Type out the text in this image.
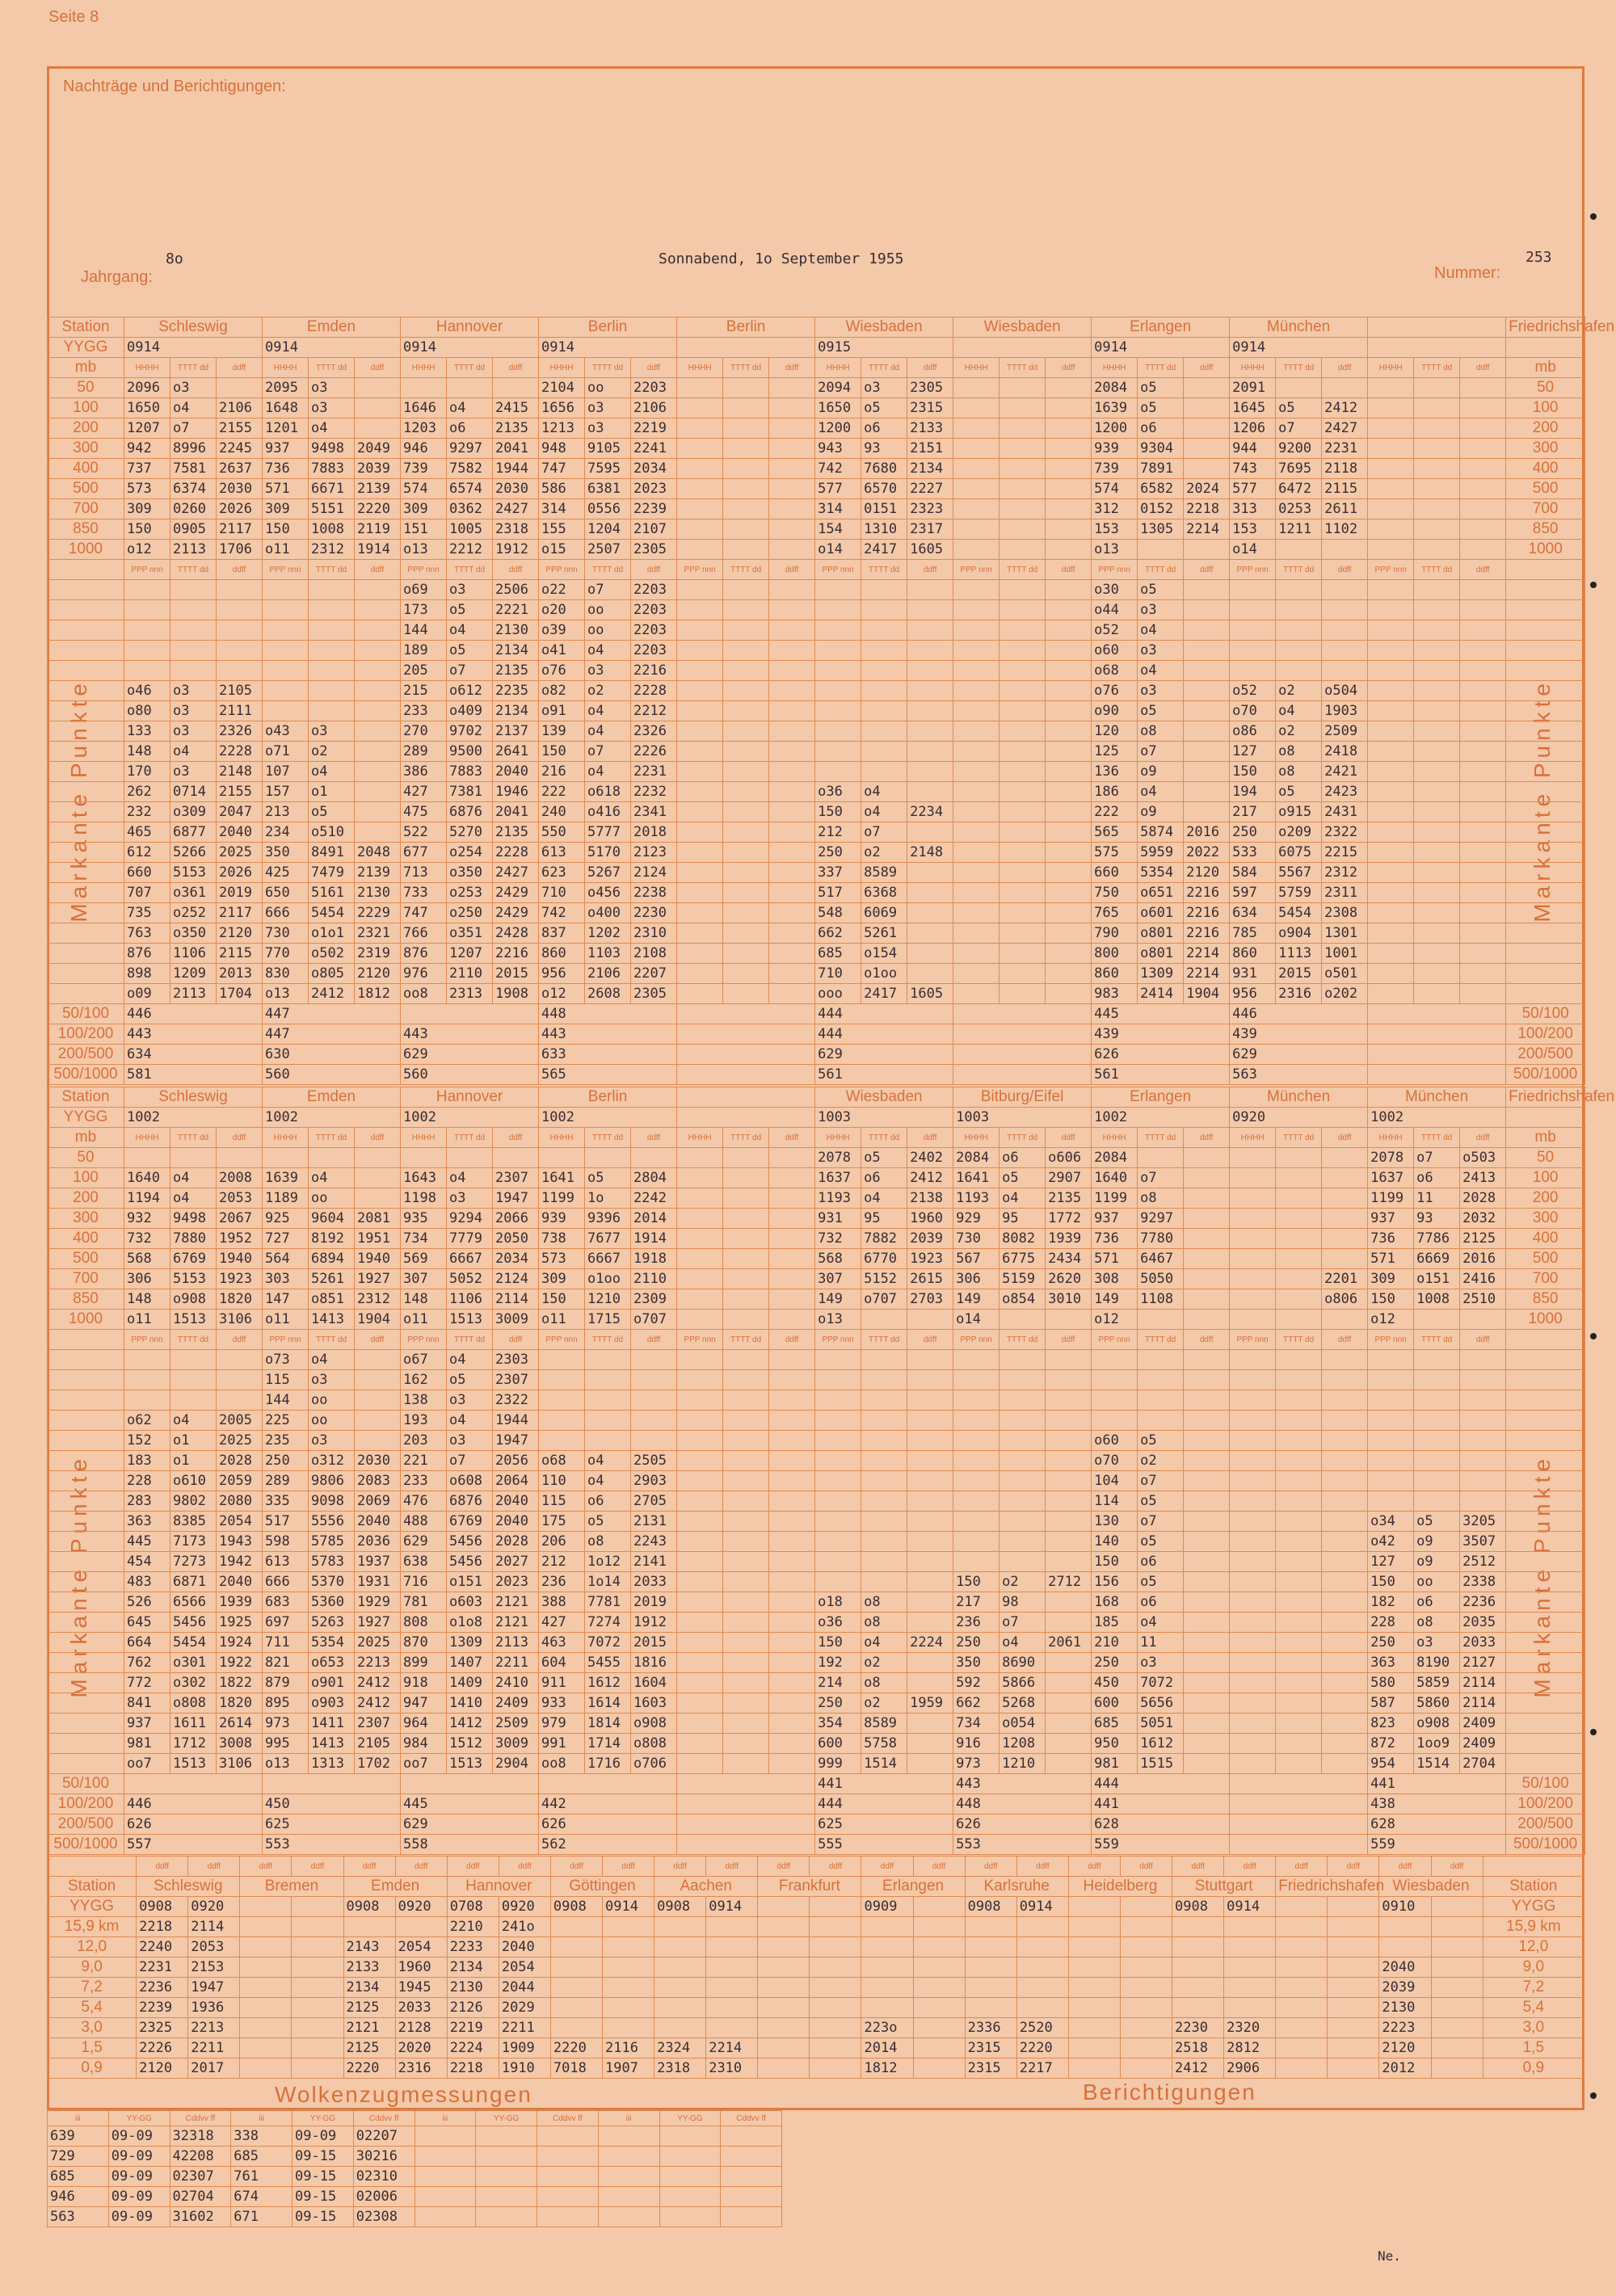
Seite 8
Nachträge und Berichtigungen:
Jahrgang:
8o	Sonnabend, 1o September 1955
Nummer:
253
Markante Punkte	Markante Punkte
Markante Punkte	Markante Punkte
Station	Schleswig			Emden			Hannover			Berlin			Berlin			Wiesbaden			Wiesbaden			Erlangen			München						Friedrichshafen	
YYGG	0914			0914			0914			0914						0915						0914			0914			
mb	HHHH	TTTT dd	ddff	HHHH	TTTT dd	ddff	HHHH	TTTT dd	ddff	HHHH	TTTT dd	ddff	HHHH	TTTT dd	ddff	HHHH	TTTT dd	ddff	HHHH	TTTT dd	ddff	HHHH	TTTT dd	ddff	HHHH	TTTT dd	ddff	HHHH	TTTT dd	ddff	mb	
50	2096	o3		2095	o3					2104	oo	2203				2094	o3	2305				2084	o5		2091						50	
100	1650	o4	2106	1648	o3		1646	o4	2415	1656	o3	2106				1650	o5	2315				1639	o5		1645	o5	2412				100	
200	1207	o7	2155	1201	o4		1203	o6	2135	1213	o3	2219				1200	o6	2133				1200	o6		1206	o7	2427				200	
300	942	8996	2245	937	9498	2049	946	9297	2041	948	9105	2241				943	93	2151				939	9304		944	9200	2231				300	
400	737	7581	2637	736	7883	2039	739	7582	1944	747	7595	2034				742	7680	2134				739	7891		743	7695	2118				400	
500	573	6374	2030	571	6671	2139	574	6574	2030	586	6381	2023				577	6570	2227				574	6582	2024	577	6472	2115				500	
700	309	0260	2026	309	5151	2220	309	0362	2427	314	0556	2239				314	0151	2323				312	0152	2218	313	0253	2611				700	
850	150	0905	2117	150	1008	2119	151	1005	2318	155	1204	2107				154	1310	2317				153	1305	2214	153	1211	1102				850	
1000	o12	2113	1706	o11	2312	1914	o13	2212	1912	o15	2507	2305				o14	2417	1605				o13			o14						1000	
	PPP nnn	TTTT dd	ddff	PPP nnn	TTTT dd	ddff	PPP nnn	TTTT dd	ddff	PPP nnn	TTTT dd	ddff	PPP nnn	TTTT dd	ddff	PPP nnn	TTTT dd	ddff	PPP nnn	TTTT dd	ddff	PPP nnn	TTTT dd	ddff	PPP nnn	TTTT dd	ddff	PPP nnn	TTTT dd	ddff		
							o69	o3	2506	o22	o7	2203										o30	o5									
							173	o5	2221	o20	oo	2203										o44	o3									
							144	o4	2130	o39	oo	2203										o52	o4									
							189	o5	2134	o41	o4	2203										o60	o3									
							205	o7	2135	o76	o3	2216										o68	o4									
	o46	o3	2105				215	o612	2235	o82	o2	2228										o76	o3		o52	o2	o504					
	o80	o3	2111				233	o409	2134	o91	o4	2212										o90	o5		o70	o4	1903					
	133	o3	2326	o43	o3		270	9702	2137	139	o4	2326										120	o8		o86	o2	2509					
	148	o4	2228	o71	o2		289	9500	2641	150	o7	2226										125	o7		127	o8	2418					
	170	o3	2148	107	o4		386	7883	2040	216	o4	2231										136	o9		150	o8	2421					
	262	0714	2155	157	o1		427	7381	1946	222	o618	2232				o36	o4					186	o4		194	o5	2423					
	232	o309	2047	213	o5		475	6876	2041	240	o416	2341				150	o4	2234				222	o9		217	o915	2431					
	465	6877	2040	234	o510		522	5270	2135	550	5777	2018				212	o7					565	5874	2016	250	o209	2322					
	612	5266	2025	350	8491	2048	677	o254	2228	613	5170	2123				250	o2	2148				575	5959	2022	533	6075	2215					
	660	5153	2026	425	7479	2139	713	o350	2427	623	5267	2124				337	8589					660	5354	2120	584	5567	2312					
	707	o361	2019	650	5161	2130	733	o253	2429	710	o456	2238				517	6368					750	o651	2216	597	5759	2311					
	735	o252	2117	666	5454	2229	747	o250	2429	742	o400	2230				548	6069					765	o601	2216	634	5454	2308					
	763	o350	2120	730	o1o1	2321	766	o351	2428	837	1202	2310				662	5261					790	o801	2216	785	o904	1301					
	876	1106	2115	770	o502	2319	876	1207	2216	860	1103	2108				685	o154					800	o801	2214	860	1113	1001					
	898	1209	2013	830	o805	2120	976	2110	2015	956	2106	2207				710	o1oo					860	1309	2214	931	2015	o501					
	o09	2113	1704	o13	2412	1812	oo8	2313	1908	o12	2608	2305				ooo	2417	1605				983	2414	1904	956	2316	o202					
50/100	446			447						448						444						445			446						50/100	
100/200	443			447			443			443						444						439			439						100/200	
200/500	634			630			629			633						629						626			629						200/500	
500/1000	581			560			560			565						561						561			563						500/1000	
Station	Schleswig			Emden			Hannover			Berlin						Wiesbaden			Bitburg/Eifel			Erlangen			München			München			Friedrichshafen	
YYGG	1002			1002			1002			1002						1003			1003			1002			0920			1002		
mb	HHHH	TTTT dd	ddff	HHHH	TTTT dd	ddff	HHHH	TTTT dd	ddff	HHHH	TTTT dd	ddff	HHHH	TTTT dd	ddff	HHHH	TTTT dd	ddff	HHHH	TTTT dd	ddff	HHHH	TTTT dd	ddff	HHHH	TTTT dd	ddff	HHHH	TTTT dd	ddff	mb	
50																2078	o5	2402	2084	o6	o606	2084						2078	o7	o503	50	
100	1640	o4	2008	1639	o4		1643	o4	2307	1641	o5	2804				1637	o6	2412	1641	o5	2907	1640	o7					1637	o6	2413	100	
200	1194	o4	2053	1189	oo		1198	o3	1947	1199	1o	2242				1193	o4	2138	1193	o4	2135	1199	o8					1199	11	2028	200	
300	932	9498	2067	925	9604	2081	935	9294	2066	939	9396	2014				931	95	1960	929	95	1772	937	9297					937	93	2032	300	
400	732	7880	1952	727	8192	1951	734	7779	2050	738	7677	1914				732	7882	2039	730	8082	1939	736	7780					736	7786	2125	400	
500	568	6769	1940	564	6894	1940	569	6667	2034	573	6667	1918				568	6770	1923	567	6775	2434	571	6467					571	6669	2016	500	
700	306	5153	1923	303	5261	1927	307	5052	2124	309	o1oo	2110				307	5152	2615	306	5159	2620	308	5050				2201	309	o151	2416	700	
850	148	o908	1820	147	o851	2312	148	1106	2114	150	1210	2309				149	o707	2703	149	o854	3010	149	1108				o806	150	1008	2510	850	
1000	o11	1513	3106	o11	1413	1904	o11	1513	3009	o11	1715	o707				o13			o14			o12						o12			1000	
	PPP nnn	TTTT dd	ddff	PPP nnn	TTTT dd	ddff	PPP nnn	TTTT dd	ddff	PPP nnn	TTTT dd	ddff	PPP nnn	TTTT dd	ddff	PPP nnn	TTTT dd	ddff	PPP nnn	TTTT dd	ddff	PPP nnn	TTTT dd	ddff	PPP nnn	TTTT dd	ddff	PPP nnn	TTTT dd	ddff		
				o73	o4		o67	o4	2303																							
				115	o3		162	o5	2307																							
				144	oo		138	o3	2322																							
	o62	o4	2005	225	oo		193	o4	1944																							
	152	o1	2025	235	o3		203	o3	1947													o60	o5									
	183	o1	2028	250	o312	2030	221	o7	2056	o68	o4	2505										o70	o2									
	228	o610	2059	289	9806	2083	233	o608	2064	110	o4	2903										104	o7									
	283	9802	2080	335	9098	2069	476	6876	2040	115	o6	2705										114	o5									
	363	8385	2054	517	5556	2040	488	6769	2040	175	o5	2131										130	o7					o34	o5	3205		
	445	7173	1943	598	5785	2036	629	5456	2028	206	o8	2243										140	o5					o42	o9	3507		
	454	7273	1942	613	5783	1937	638	5456	2027	212	1o12	2141										150	o6					127	o9	2512		
	483	6871	2040	666	5370	1931	716	o151	2023	236	1o14	2033							150	o2	2712	156	o5					150	oo	2338		
	526	6566	1939	683	5360	1929	781	o603	2121	388	7781	2019				o18	o8		217	98		168	o6					182	o6	2236		
	645	5456	1925	697	5263	1927	808	o1o8	2121	427	7274	1912				o36	o8		236	o7		185	o4					228	o8	2035		
	664	5454	1924	711	5354	2025	870	1309	2113	463	7072	2015				150	o4	2224	250	o4	2061	210	11					250	o3	2033		
	762	o301	1922	821	o653	2213	899	1407	2211	604	5455	1816				192	o2		350	8690		250	o3					363	8190	2127		
	772	o302	1822	879	o901	2412	918	1409	2410	911	1612	1604				214	o8		592	5866		450	7072					580	5859	2114		
	841	o808	1820	895	o903	2412	947	1410	2409	933	1614	1603				250	o2	1959	662	5268		600	5656					587	5860	2114		
	937	1611	2614	973	1411	2307	964	1412	2509	979	1814	o908				354	8589		734	o054		685	5051					823	o908	2409		
	981	1712	3008	995	1413	2105	984	1512	3009	991	1714	o808				600	5758		916	1208		950	1612					872	1oo9	2409		
	oo7	1513	3106	o13	1313	1702	oo7	1513	2904	oo8	1716	o706				999	1514		973	1210		981	1515					954	1514	2704		
50/100																441			443			444						441			50/100	
100/200	446			450			445			442						444			448			441						438			100/200	
200/500	626			625			629			626						625			626			628						628			200/500	
500/1000	557			553			558			562						555			553			559						559			500/1000	
	ddff	ddff	ddff	ddff	ddff	ddff	ddff	ddff	ddff	ddff	ddff	ddff	ddff	ddff	ddff	ddff	ddff	ddff	ddff	ddff	ddff	ddff	ddff	ddff	ddff	ddff	
Station	Schleswig		Bremen		Emden		Hannover		Göttingen		Aachen		Frankfurt		Erlangen		Karlsruhe		Heidelberg		Stuttgart		Friedrichshafen		Wiesbaden		Station
YYGG	0908	0920			0908	0920	0708	0920	0908	0914	0908	0914			0909		0908	0914			0908	0914			0910		YYGG
15,9 km	2218	2114					2210	241o																			15,9 km
12,0	2240	2053			2143	2054	2233	2040																			12,0
9,0	2231	2153			2133	1960	2134	2054																	2040		9,0
7,2	2236	1947			2134	1945	2130	2044																	2039		7,2
5,4	2239	1936			2125	2033	2126	2029																	2130		5,4
3,0	2325	2213			2121	2128	2219	2211							223o		2336	2520			2230	2320			2223		3,0
1,5	2226	2211			2125	2020	2224	1909	2220	2116	2324	2214			2014		2315	2220			2518	2812			2120		1,5
0,9	2120	2017			2220	2316	2218	1910	7018	1907	2318	2310			1812		2315	2217			2412	2906			2012		0,9
Wolkenzugmessungen	Berichtigungen
iii	YY-GG	Cddvv ff	iii	YY-GG	Cddvv ff	iii	YY-GG	Cddvv ff	iii	YY-GG	Cddvv ff
639	09-09	32318	338	09-09	02207						
729	09-09	42208	685	09-15	30216						
685	09-09	02307	761	09-15	02310						
946	09-09	02704	674	09-15	02006						
563	09-09	31602	671	09-15	02308						
Ne.
